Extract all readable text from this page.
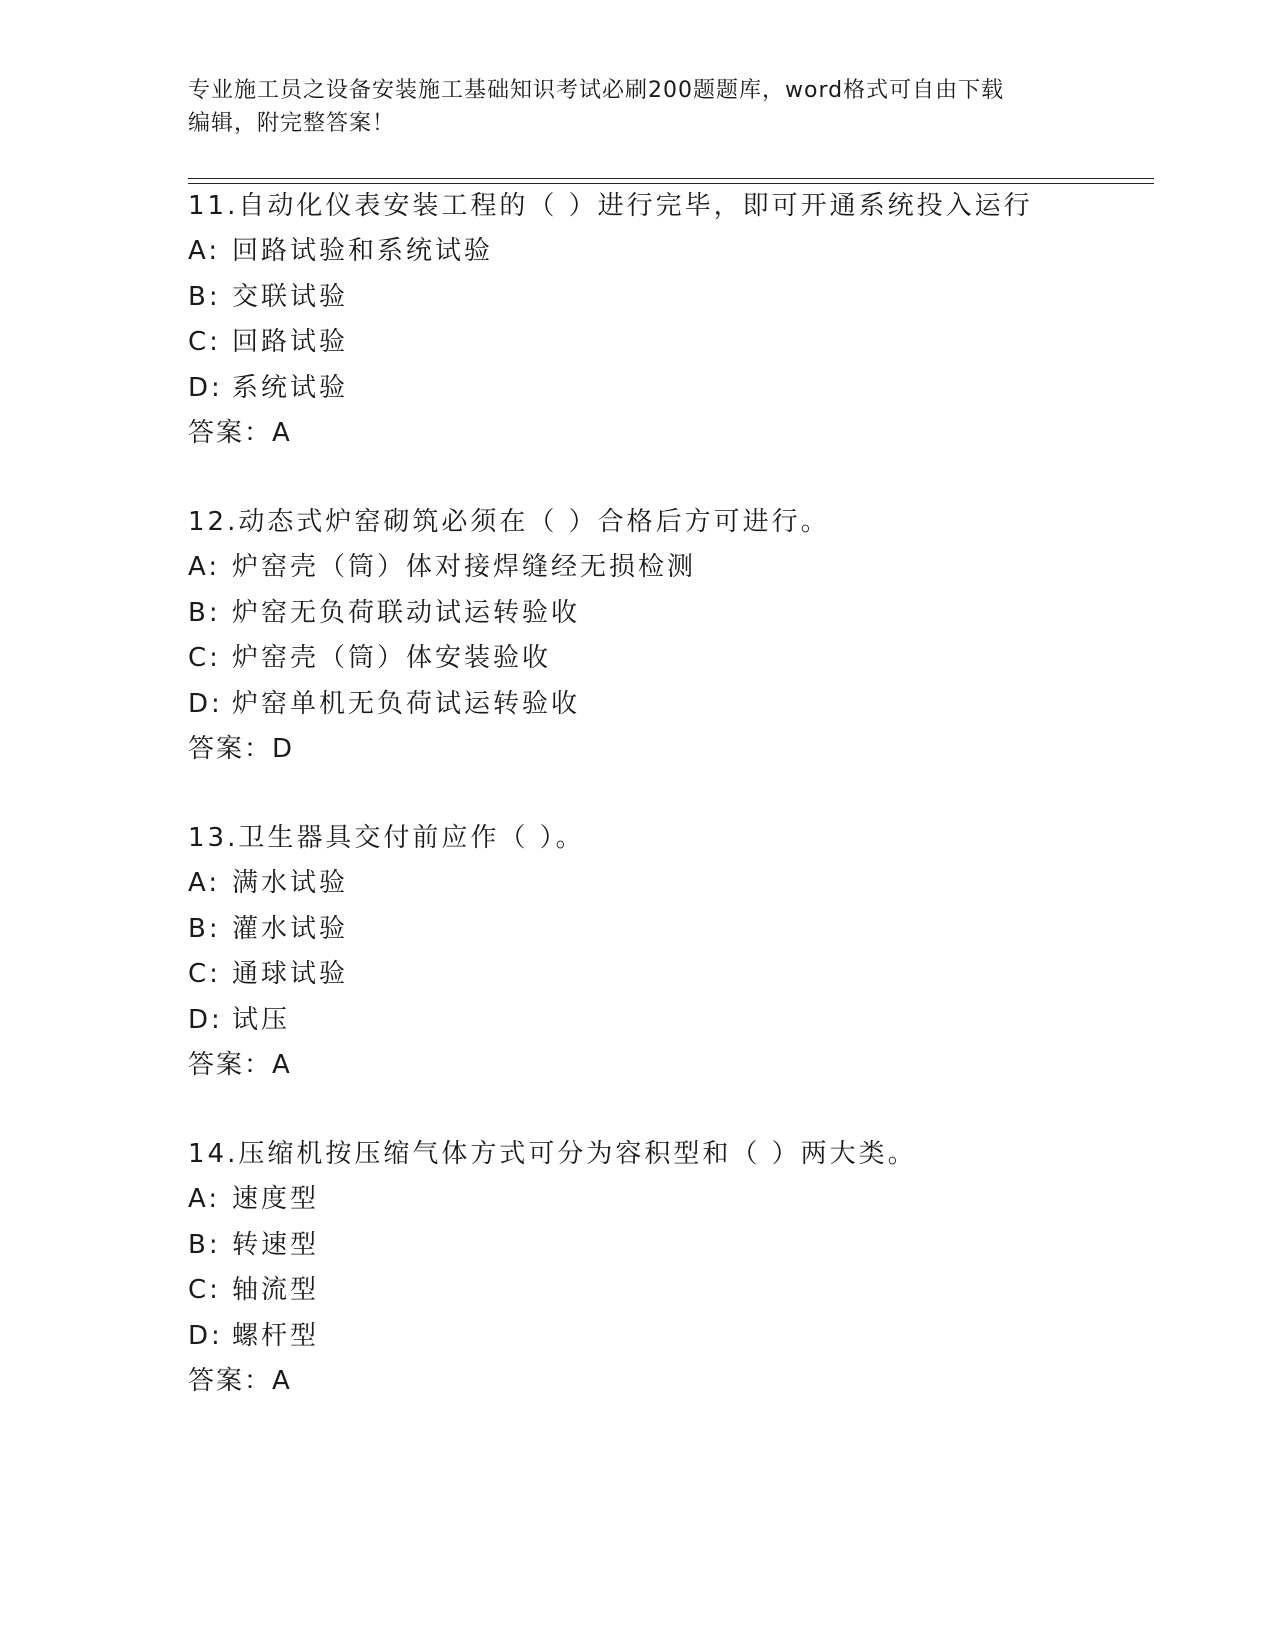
专业施工员之设备安装施工基础知识考试必刷200题题库，word格式可自由下载
编辑，附完整答案！
11.自动化仪表安装工程的（ ）进行完毕，即可开通系统投入运行
A: 回路试验和系统试验
B: 交联试验
C: 回路试验
D: 系统试验
答案：A
12.动态式炉窑砌筑必须在（ ）合格后方可进行。
A: 炉窑壳（筒）体对接焊缝经无损检测
B: 炉窑无负荷联动试运转验收
C: 炉窑壳（筒）体安装验收
D: 炉窑单机无负荷试运转验收
答案：D
13.卫生器具交付前应作（ ）。
A: 满水试验
B: 灌水试验
C: 通球试验
D: 试压
答案：A
14.压缩机按压缩气体方式可分为容积型和（ ）两大类。
A: 速度型
B: 转速型
C: 轴流型
D: 螺杆型
答案：A
